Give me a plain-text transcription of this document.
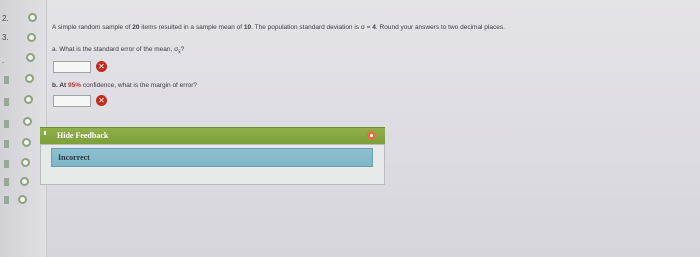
2.
3.
.
A simple random sample of 20 items resulted in a sample mean of 10. The population standard deviation is σ = 4. Round your answers to two decimal places.
a. What is the standard error of the mean, $\sigma_{x̄}$?
✕
b. At 95% confidence, what is the margin of error?
✕
Hide Feedback
Incorrect
